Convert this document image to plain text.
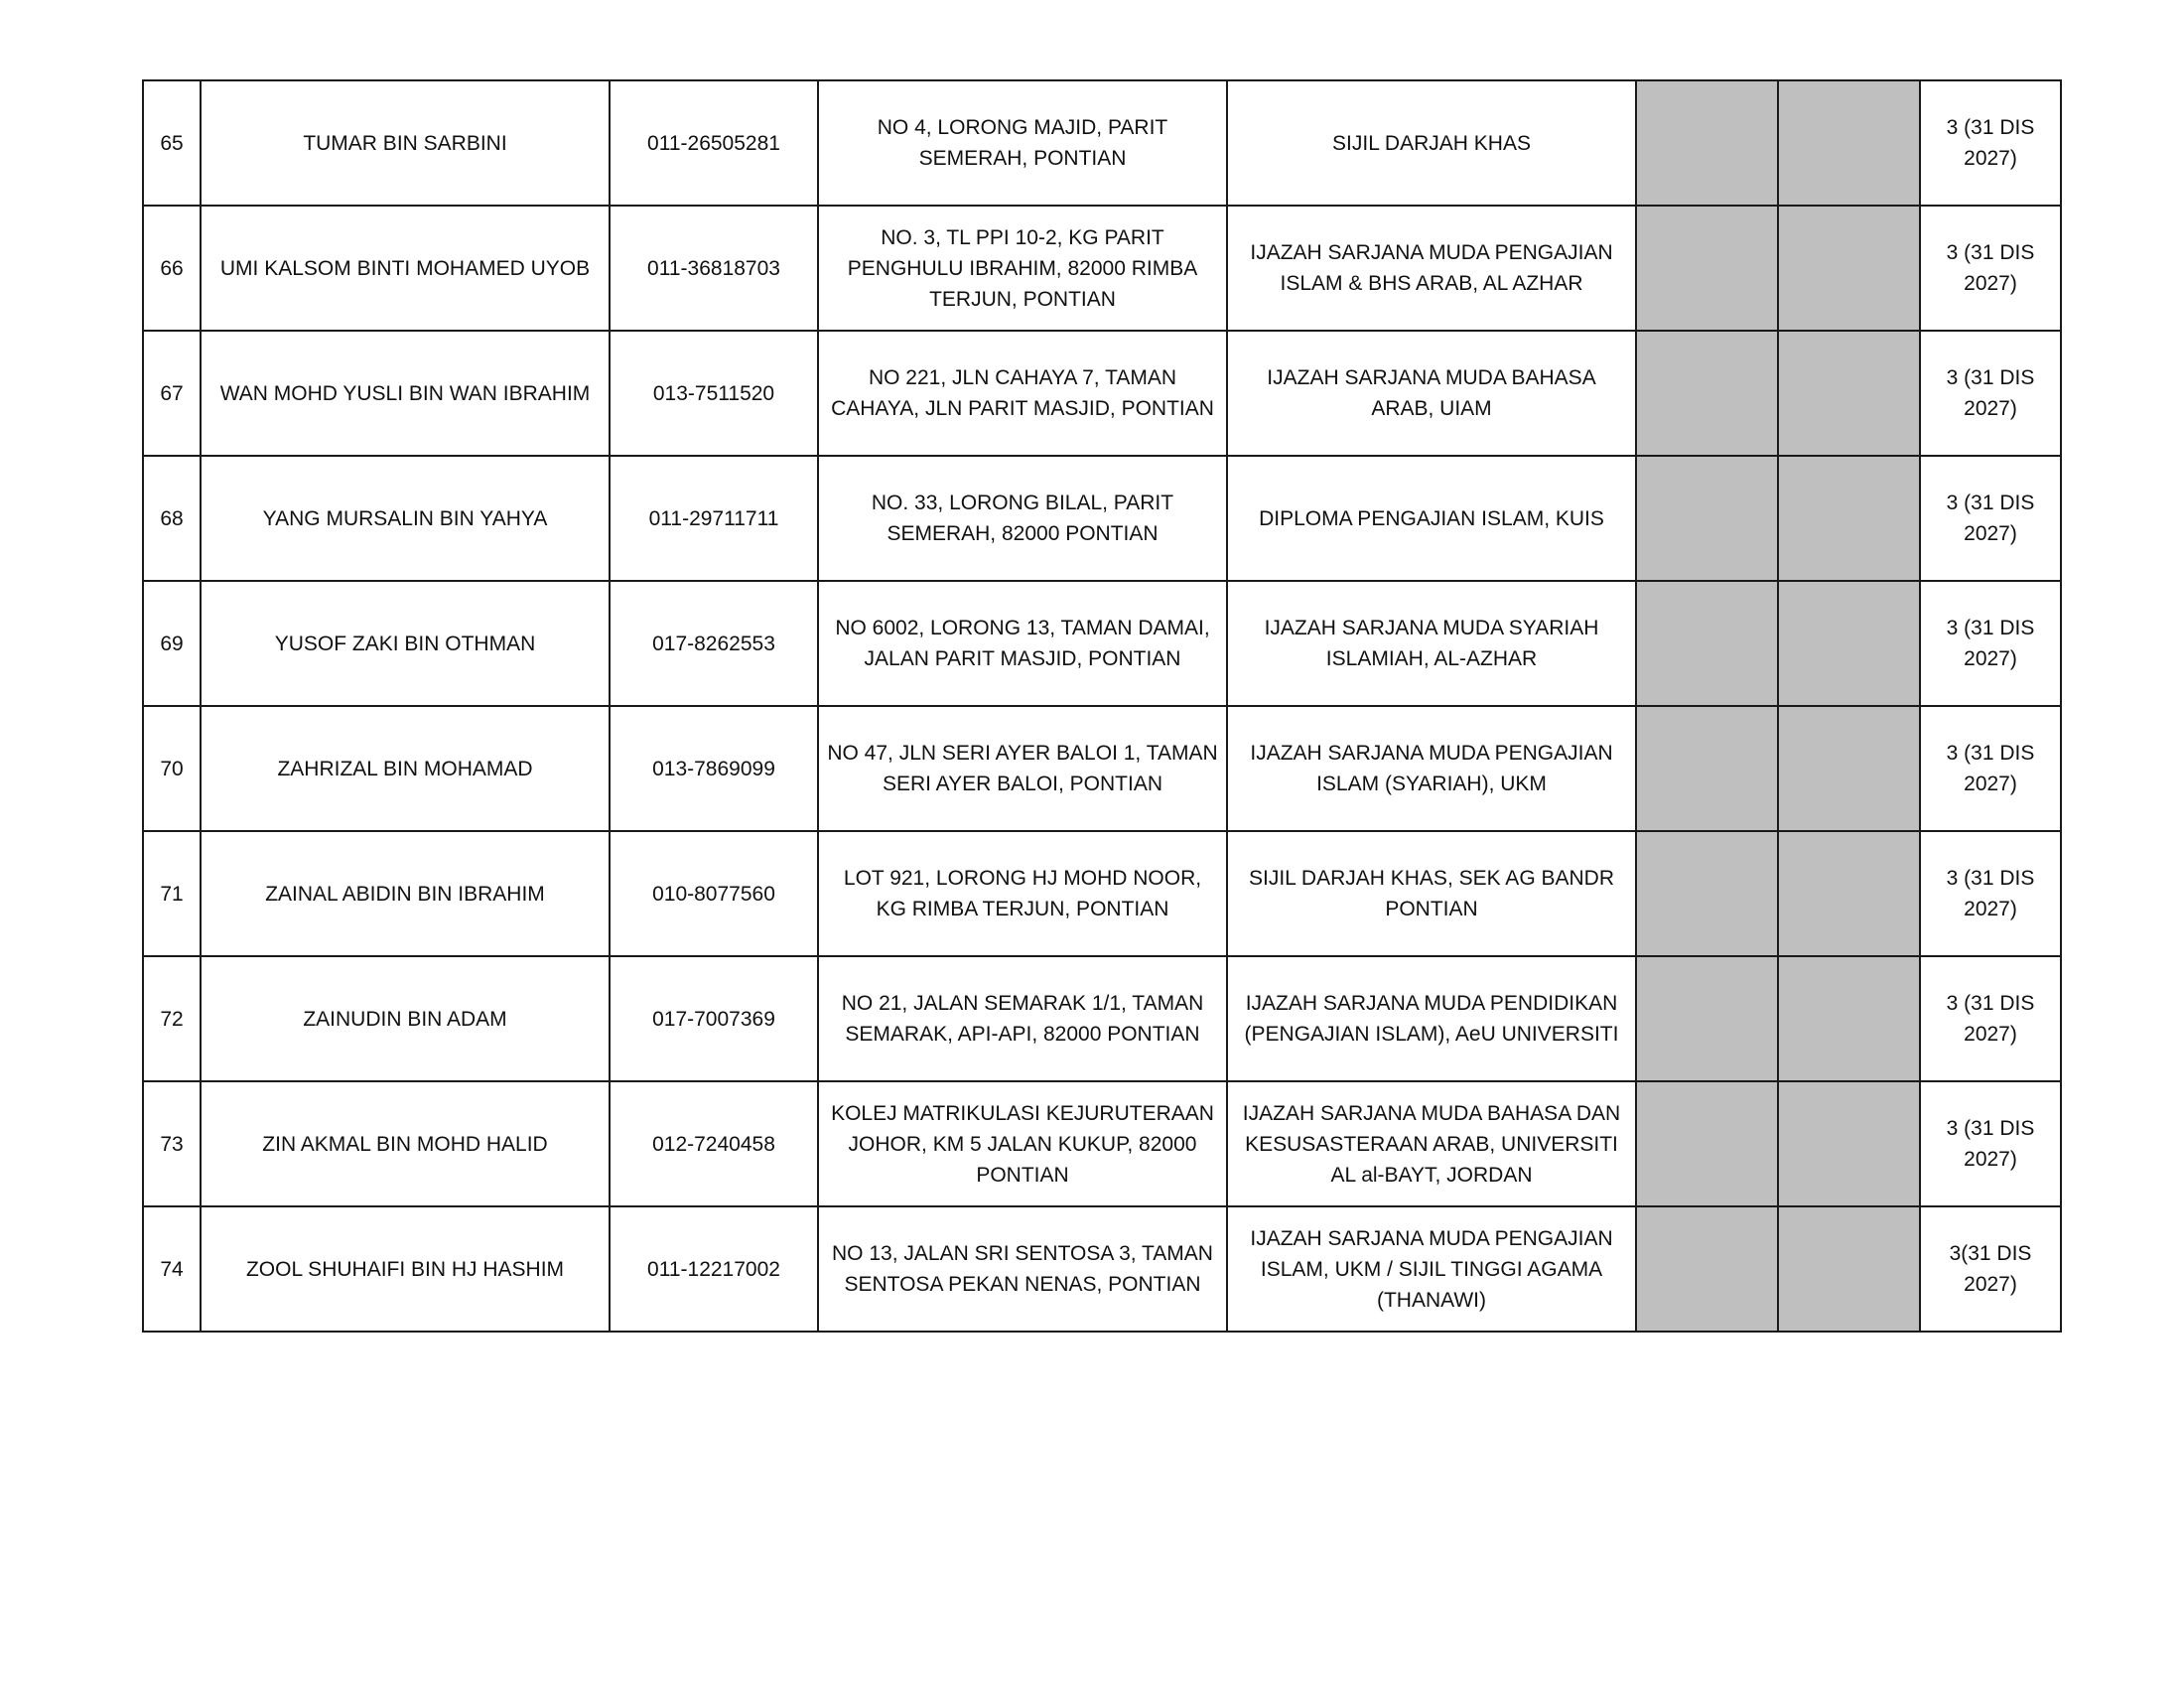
65	TUMAR BIN SARBINI	011-26505281	NO 4, LORONG MAJID, PARIT SEMERAH, PONTIAN	SIJIL DARJAH KHAS			3 (31 DIS 2027)
66	UMI KALSOM BINTI MOHAMED UYOB	011-36818703	NO. 3, TL PPI 10-2, KG PARIT PENGHULU IBRAHIM, 82000 RIMBA TERJUN, PONTIAN	IJAZAH SARJANA MUDA PENGAJIAN ISLAM & BHS ARAB, AL AZHAR			3 (31 DIS 2027)
67	WAN MOHD YUSLI BIN WAN IBRAHIM	013-7511520	NO 221, JLN CAHAYA 7, TAMAN CAHAYA, JLN PARIT MASJID, PONTIAN	IJAZAH SARJANA MUDA BAHASA ARAB, UIAM			3 (31 DIS 2027)
68	YANG MURSALIN BIN YAHYA	011-29711711	NO. 33, LORONG BILAL, PARIT SEMERAH, 82000 PONTIAN	DIPLOMA PENGAJIAN ISLAM, KUIS			3 (31 DIS 2027)
69	YUSOF ZAKI BIN OTHMAN	017-8262553	NO 6002, LORONG 13, TAMAN DAMAI, JALAN PARIT MASJID, PONTIAN	IJAZAH SARJANA MUDA SYARIAH ISLAMIAH, AL-AZHAR			3 (31 DIS 2027)
70	ZAHRIZAL BIN MOHAMAD	013-7869099	NO 47, JLN SERI AYER BALOI 1, TAMAN SERI AYER BALOI, PONTIAN	IJAZAH SARJANA MUDA PENGAJIAN ISLAM (SYARIAH), UKM			3 (31 DIS 2027)
71	ZAINAL ABIDIN BIN IBRAHIM	010-8077560	LOT 921, LORONG HJ MOHD NOOR, KG RIMBA TERJUN, PONTIAN	SIJIL DARJAH KHAS, SEK AG BANDR PONTIAN			3 (31 DIS 2027)
72	ZAINUDIN BIN ADAM	017-7007369	NO 21, JALAN SEMARAK 1/1, TAMAN SEMARAK, API-API, 82000 PONTIAN	IJAZAH SARJANA MUDA PENDIDIKAN (PENGAJIAN ISLAM), AeU UNIVERSITI			3 (31 DIS 2027)
73	ZIN AKMAL BIN MOHD HALID	012-7240458	KOLEJ MATRIKULASI KEJURUTERAAN JOHOR, KM 5 JALAN KUKUP, 82000 PONTIAN	IJAZAH SARJANA MUDA BAHASA DAN KESUSASTERAAN ARAB, UNIVERSITI AL al-BAYT, JORDAN			3 (31 DIS 2027)
74	ZOOL SHUHAIFI BIN HJ HASHIM	011-12217002	NO 13, JALAN SRI SENTOSA 3, TAMAN SENTOSA PEKAN NENAS, PONTIAN	IJAZAH SARJANA MUDA PENGAJIAN ISLAM, UKM / SIJIL TINGGI AGAMA (THANAWI)			3(31 DIS 2027)
